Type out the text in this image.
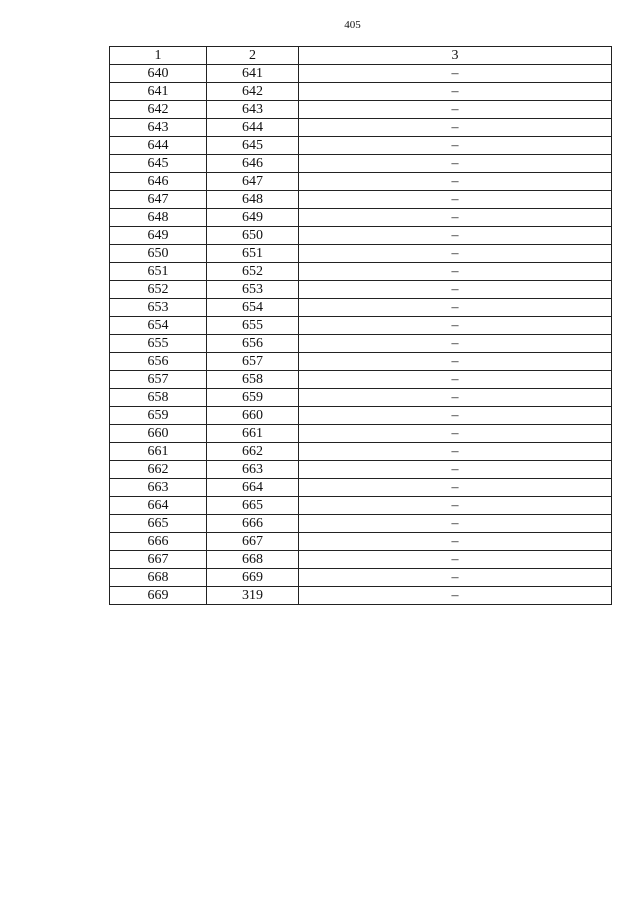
405
1	2	3
640	641	–
641	642	–
642	643	–
643	644	–
644	645	–
645	646	–
646	647	–
647	648	–
648	649	–
649	650	–
650	651	–
651	652	–
652	653	–
653	654	–
654	655	–
655	656	–
656	657	–
657	658	–
658	659	–
659	660	–
660	661	–
661	662	–
662	663	–
663	664	–
664	665	–
665	666	–
666	667	–
667	668	–
668	669	–
669	319	–
